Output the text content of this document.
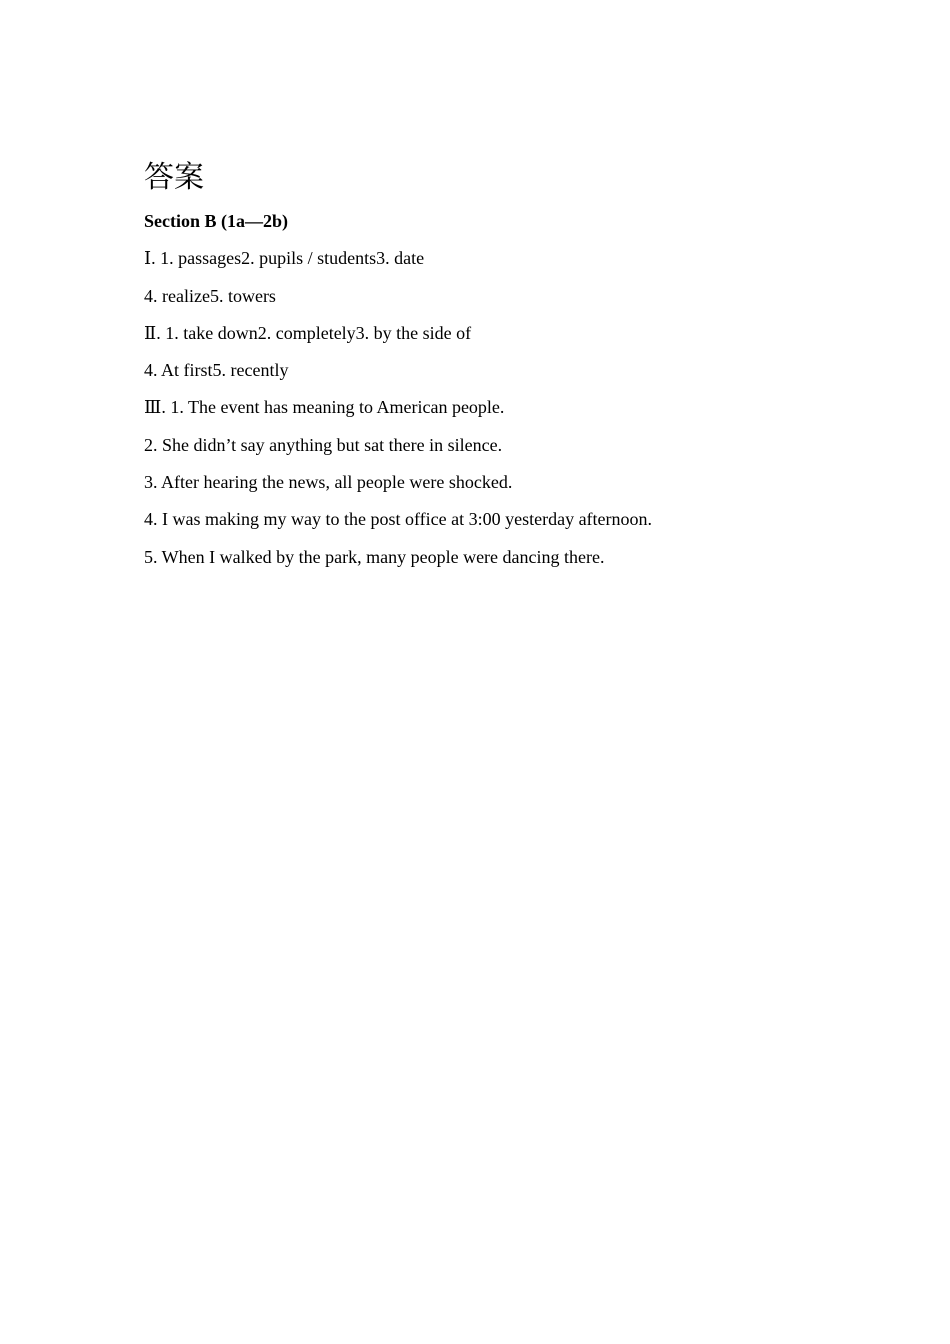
答案
Section B (1a—2b)
Ⅰ. 1. passages2. pupils / students3. date
4. realize5. towers
Ⅱ. 1. take down2. completely3. by the side of
4. At first5. recently
Ⅲ. 1. The event has meaning to American people.
2. She didn’t say anything but sat there in silence.
3. After hearing the news, all people were shocked.
4. I was making my way to the post office at 3:00 yesterday afternoon.
5. When I walked by the park, many people were dancing there.
